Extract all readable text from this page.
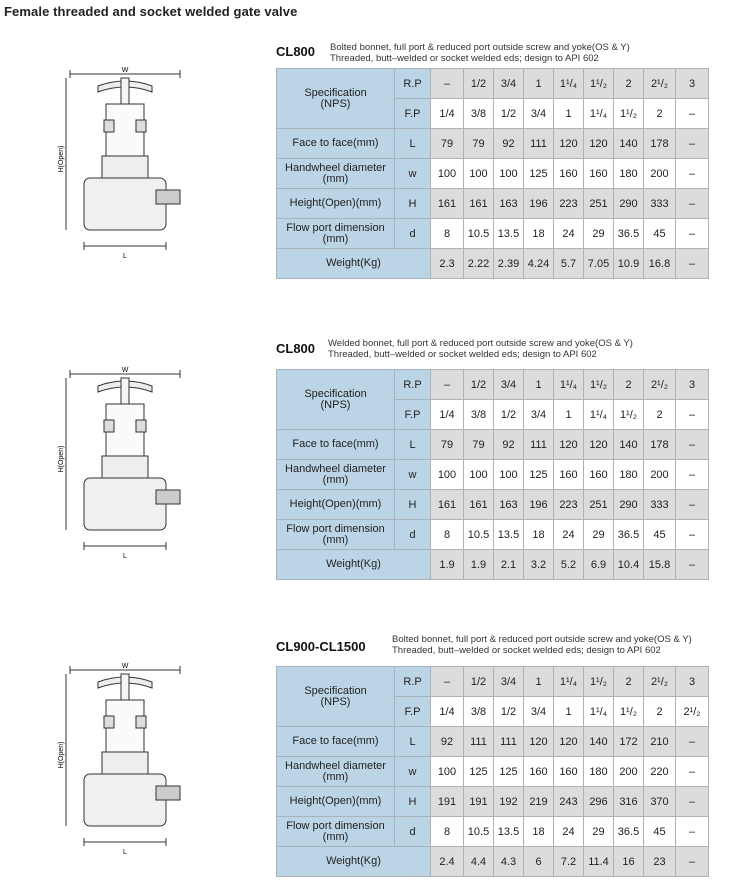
Female threaded and socket welded gate valve
W
L
H(Open)
CL800 Bolted bonnet, full port & reduced port outside screw and yoke(OS & Y)
Threaded, butt–welded or socket welded eds; design to API 602
Specification
(NPS)	R.P	–	1/2	3/4	1	1¹/₄	1¹/₂	2	2¹/₂	3
	F.P	1/4	3/8	1/2	3/4	1	1¹/₄	1¹/₂	2	–

Face to face(mm)	L	79	79	92	111	120	120	140	178	–

Handwheel diameter
(mm)	w	100	100	100	125	160	160	180	200	–

Height(Open)(mm)	H	161	161	163	196	223	251	290	333	–

Flow port dimension
(mm)	d	8	10.5	13.5	18	24	29	36.5	45	–

Weight(Kg)		2.3	2.22	2.39	4.24	5.7	7.05	10.9	16.8	–
W
L
H(Open)
CL800 Welded bonnet, full port & reduced port outside screw and yoke(OS & Y)
Threaded, butt–welded or socket welded eds; design to API 602
Specification
(NPS)	R.P	–	1/2	3/4	1	1¹/₄	1¹/₂	2	2¹/₂	3
	F.P	1/4	3/8	1/2	3/4	1	1¹/₄	1¹/₂	2	–

Face to face(mm)	L	79	79	92	111	120	120	140	178	–

Handwheel diameter
(mm)	w	100	100	100	125	160	160	180	200	–

Height(Open)(mm)	H	161	161	163	196	223	251	290	333	–

Flow port dimension
(mm)	d	8	10.5	13.5	18	24	29	36.5	45	–

Weight(Kg)		1.9	1.9	2.1	3.2	5.2	6.9	10.4	15.8	–
W
L
H(Open)
CL900-CL1500	Bolted bonnet, full port & reduced port outside screw and yoke(OS & Y)
Threaded, butt–welded or socket welded eds; design to API 602
Specification
(NPS)	R.P	–	1/2	3/4	1	1¹/₄	1¹/₂	2	2¹/₂	3
	F.P	1/4	3/8	1/2	3/4	1	1¹/₄	1¹/₂	2	2¹/₂

Face to face(mm)	L	92	111	111	120	120	140	172	210	–

Handwheel diameter
(mm)	w	100	125	125	160	160	180	200	220	–

Height(Open)(mm)	H	191	191	192	219	243	296	316	370	–

Flow port dimension
(mm)	d	8	10.5	13.5	18	24	29	36.5	45	–

Weight(Kg)		2.4	4.4	4.3	6	7.2	11.4	16	23	–
